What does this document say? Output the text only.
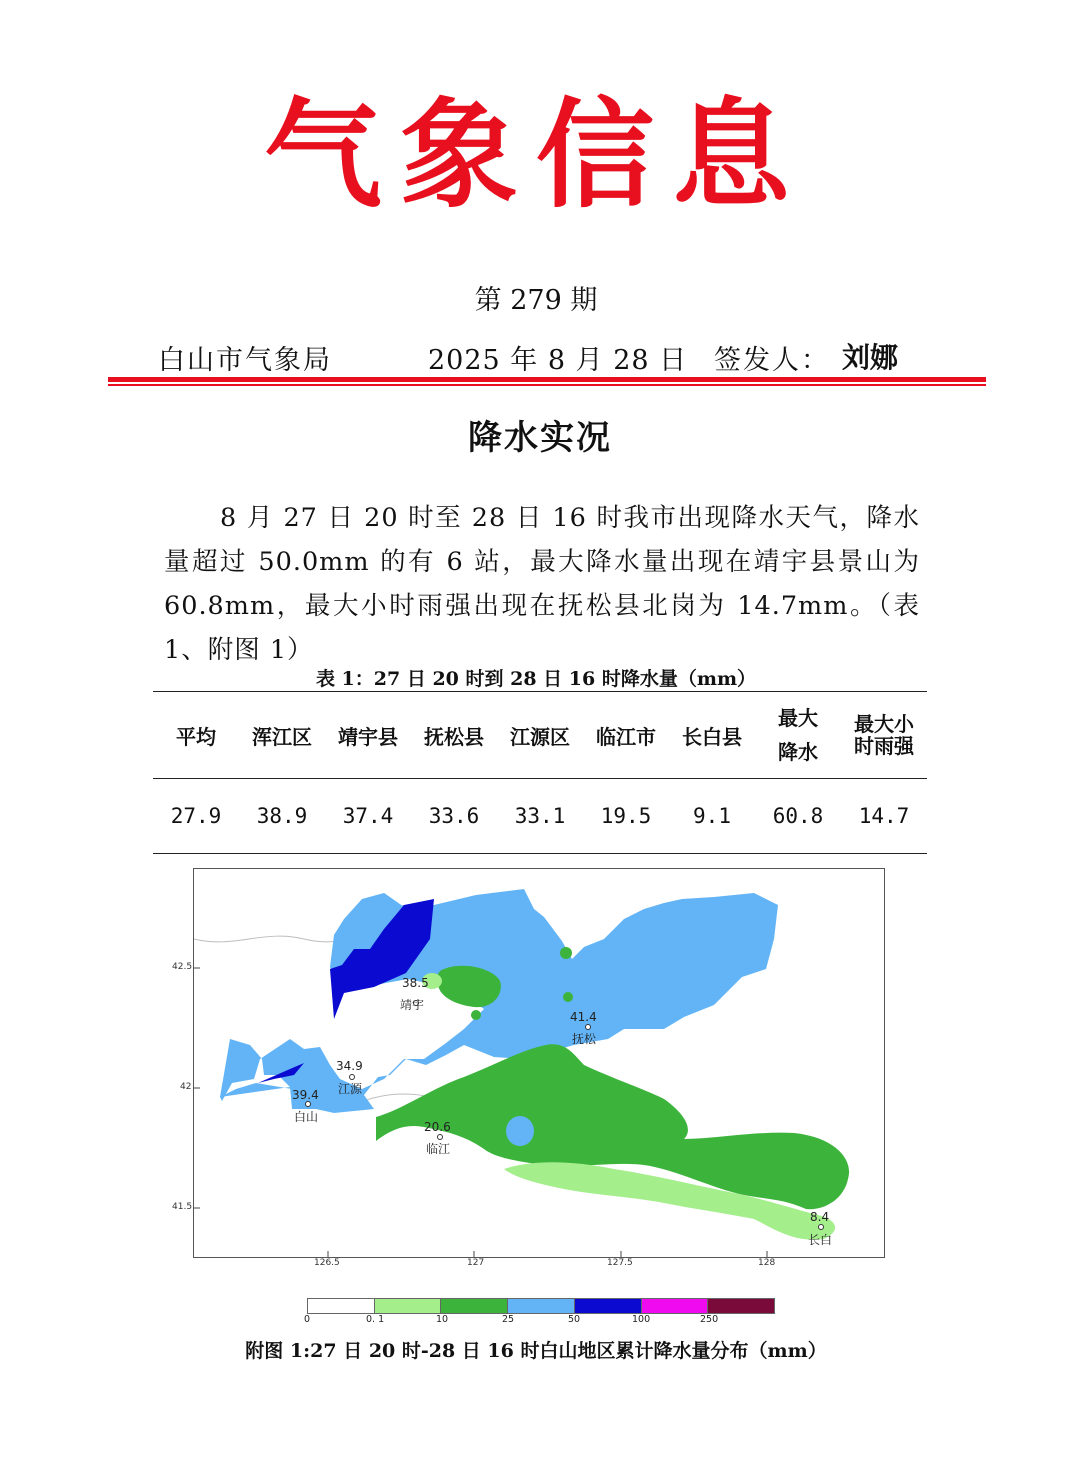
气象信息
第 279 期
白山市气象局	2025 年 8 月 28 日 签发人： 刘娜
降水实况
8 月 27 日 20 时至 28 日 16 时我市出现降水天气，降水量超过 50.0mm 的有 6 站，最大降水量出现在靖宇县景山为 60.8mm，最大小时雨强出现在抚松县北岗为 14.7mm。（表 1、附图 1）
表 1：27 日 20 时到 28 日 16 时降水量（mm）
平均	浑江区	靖宇县	抚松县	江源区	临江市	长白县	最大降水	最大小时雨强
27.9	38.9	37.4	33.6	33.1	19.5	9.1	60.8	14.7
38.5
靖宇
41.4
抚松
34.9
江源
39.4
白山
20.6
临江
8.4
长白
42.5
42
41.5
126.5	127	127.5	128
0	0. 1	10	25	50	100	250
附图 1:27 日 20 时-28 日 16 时白山地区累计降水量分布（mm）
